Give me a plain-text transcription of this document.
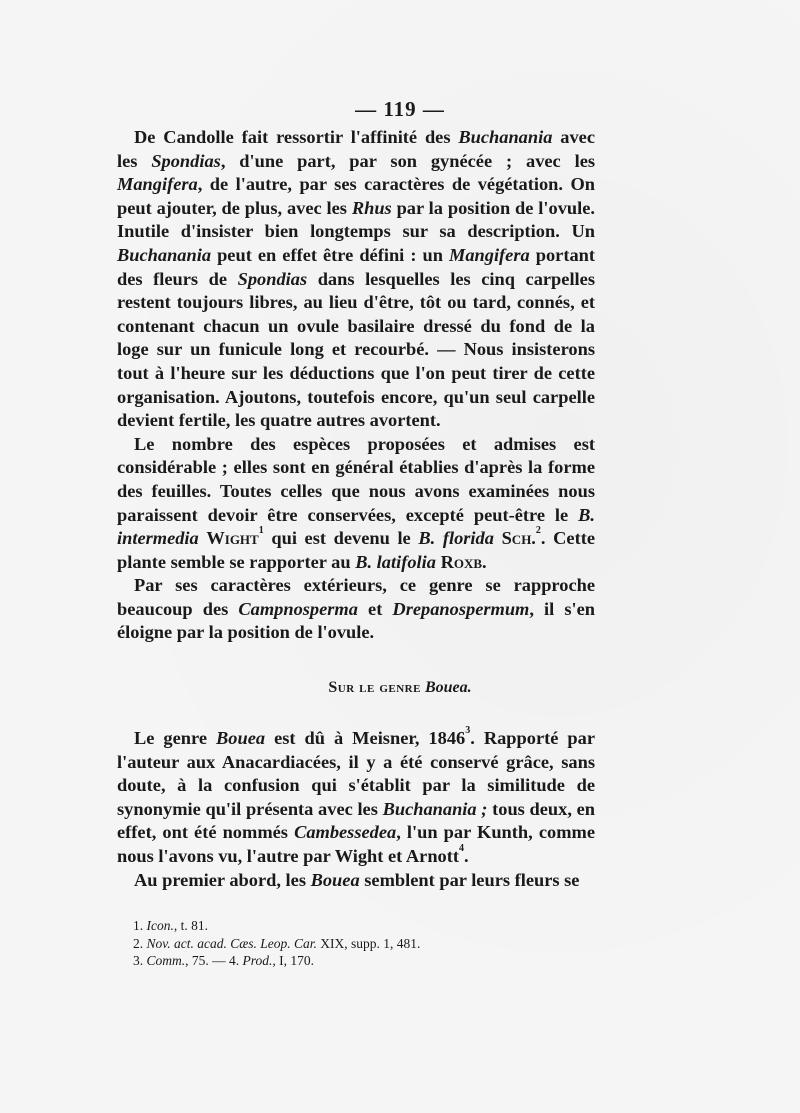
— 119 —

De Candolle fait ressortir l'affinité des Buchanania avec les Spondias, d'une part, par son gynécée ; avec les Mangifera, de l'autre, par ses caractères de végétation. On peut ajouter, de plus, avec les Rhus par la position de l'ovule. Inutile d'insister bien longtemps sur sa description. Un Buchanania peut en effet être défini : un Mangifera portant des fleurs de Spondias dans lesquelles les cinq carpelles restent toujours libres, au lieu d'être, tôt ou tard, connés, et contenant chacun un ovule basilaire dressé du fond de la loge sur un funicule long et recourbé. — Nous insisterons tout à l'heure sur les déductions que l'on peut tirer de cette organisation. Ajoutons, toutefois encore, qu'un seul carpelle devient fertile, les quatre autres avortent.

Le nombre des espèces proposées et admises est considérable ; elles sont en général établies d'après la forme des feuilles. Toutes celles que nous avons examinées nous paraissent devoir être conservées, excepté peut-être le B. intermedia Wight$^1$ qui est devenu le B. florida Sch.$^2$. Cette plante semble se rapporter au B. latifolia Roxb.

Par ses caractères extérieurs, ce genre se rapproche beaucoup des Campnosperma et Drepanospermum, il s'en éloigne par la position de l'ovule.

Sur le genre Bouea.

Le genre Bouea est dû à Meisner, 1846$^3$. Rapporté par l'auteur aux Anacardiacées, il y a été conservé grâce, sans doute, à la confusion qui s'établit par la similitude de synonymie qu'il présenta avec les Buchanania ; tous deux, en effet, ont été nommés Cambessedea, l'un par Kunth, comme nous l'avons vu, l'autre par Wight et Arnott$^4$.

Au premier abord, les Bouea semblent par leurs fleurs se

1. Icon., t. 81.
2. Nov. act. acad. Cæs. Leop. Car. XIX, supp. 1, 481.
3. Comm., 75. — 4. Prod., I, 170.
